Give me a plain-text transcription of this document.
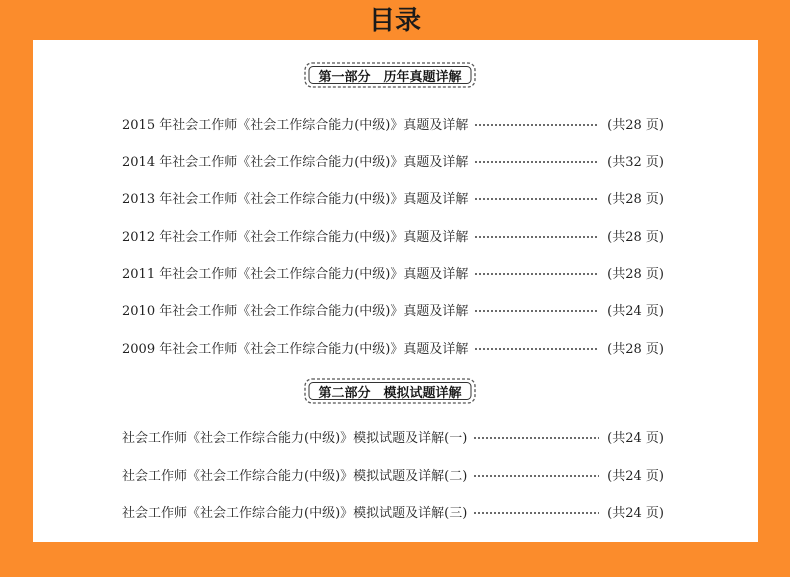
目录
第一部分　历年真题详解
2015 年社会工作师《社会工作综合能力(中级)》真题及详解	(共28 页)
2014 年社会工作师《社会工作综合能力(中级)》真题及详解	(共32 页)
2013 年社会工作师《社会工作综合能力(中级)》真题及详解	(共28 页)
2012 年社会工作师《社会工作综合能力(中级)》真题及详解	(共28 页)
2011 年社会工作师《社会工作综合能力(中级)》真题及详解	(共28 页)
2010 年社会工作师《社会工作综合能力(中级)》真题及详解	(共24 页)
2009 年社会工作师《社会工作综合能力(中级)》真题及详解	(共28 页)
第二部分　模拟试题详解
社会工作师《社会工作综合能力(中级)》模拟试题及详解(一)	(共24 页)
社会工作师《社会工作综合能力(中级)》模拟试题及详解(二)	(共24 页)
社会工作师《社会工作综合能力(中级)》模拟试题及详解(三)	(共24 页)
